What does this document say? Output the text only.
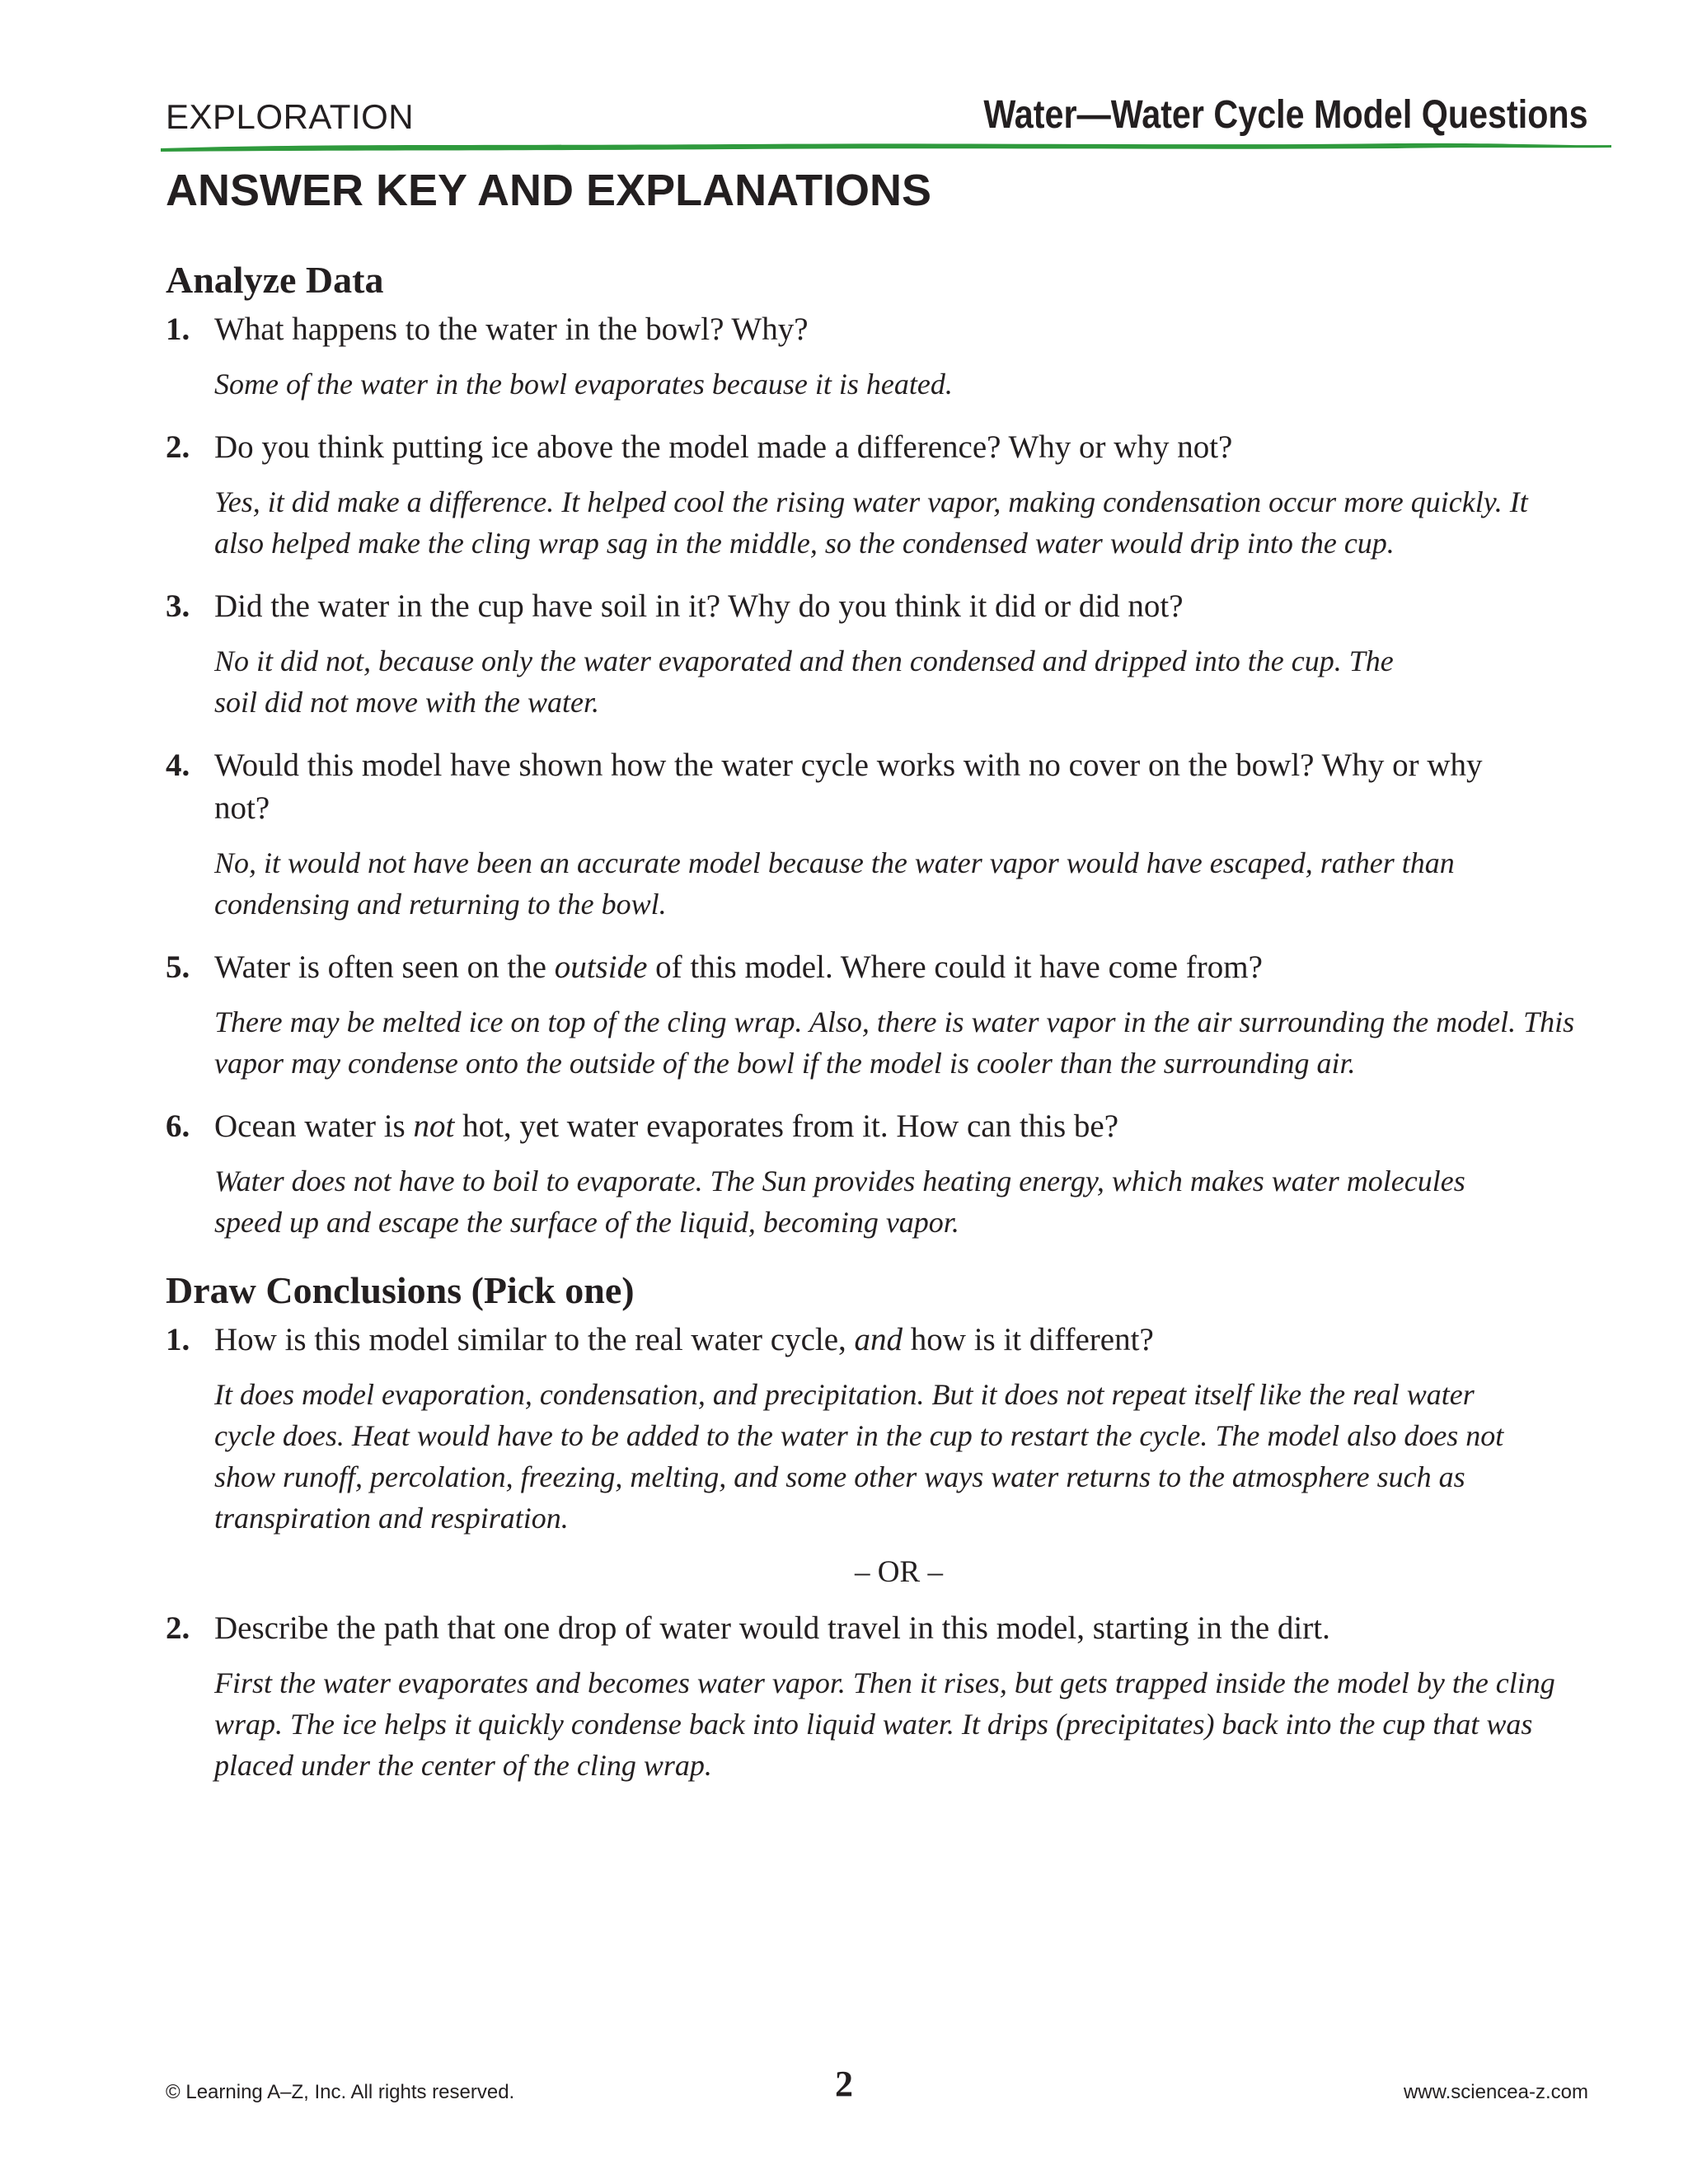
EXPLORATION	Water—Water Cycle Model Questions
ANSWER KEY AND EXPLANATIONS
Analyze Data
1. What happens to the water in the bowl? Why?
Some of the water in the bowl evaporates because it is heated.
2. Do you think putting ice above the model made a difference? Why or why not?
Yes, it did make a difference. It helped cool the rising water vapor, making condensation occur more quickly. It also helped make the cling wrap sag in the middle, so the condensed water would drip into the cup.
3. Did the water in the cup have soil in it? Why do you think it did or did not?
No it did not, because only the water evaporated and then condensed and dripped into the cup. The soil did not move with the water.
4. Would this model have shown how the water cycle works with no cover on the bowl? Why or why not?
No, it would not have been an accurate model because the water vapor would have escaped, rather than condensing and returning to the bowl.
5. Water is often seen on the outside of this model. Where could it have come from?
There may be melted ice on top of the cling wrap. Also, there is water vapor in the air surrounding the model. This vapor may condense onto the outside of the bowl if the model is cooler than the surrounding air.
6. Ocean water is not hot, yet water evaporates from it. How can this be?
Water does not have to boil to evaporate. The Sun provides heating energy, which makes water molecules speed up and escape the surface of the liquid, becoming vapor.
Draw Conclusions (Pick one)
1. How is this model similar to the real water cycle, and how is it different?
It does model evaporation, condensation, and precipitation. But it does not repeat itself like the real water cycle does. Heat would have to be added to the water in the cup to restart the cycle. The model also does not show runoff, percolation, freezing, melting, and some other ways water returns to the atmosphere such as transpiration and respiration.
– OR –
2. Describe the path that one drop of water would travel in this model, starting in the dirt.
First the water evaporates and becomes water vapor. Then it rises, but gets trapped inside the model by the cling wrap. The ice helps it quickly condense back into liquid water. It drips (precipitates) back into the cup that was placed under the center of the cling wrap.
© Learning A–Z, Inc. All rights reserved.	2	www.sciencea-z.com
